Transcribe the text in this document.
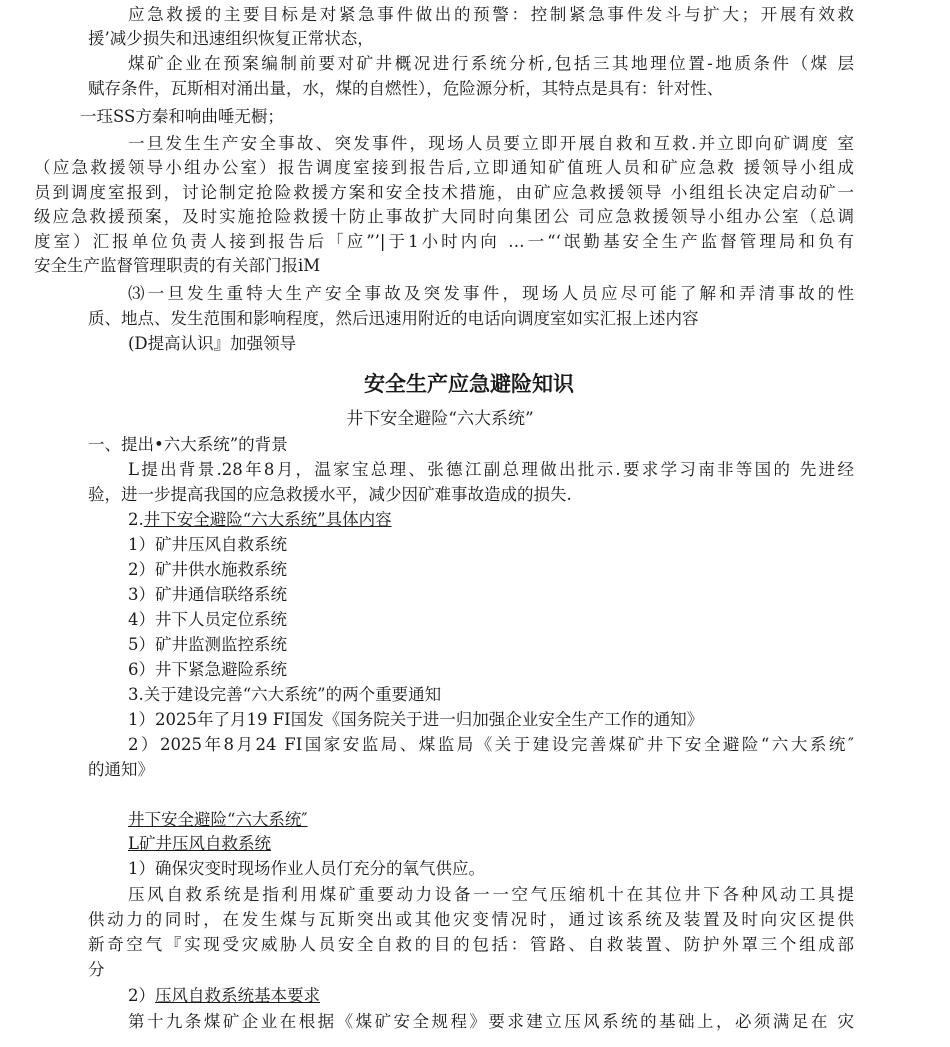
应急救援的主要目标是对紧急事件做出的预警：控制紧急事件发斗与扩大；开展有效救
援’减少损失和迅速组织恢复正常状态，
煤矿企业在预案编制前要对矿井概况进行系统分析,包括三其地理位置-地质条件（煤 层
赋存条件，瓦斯相对涌出量，水，煤的自燃性），危险源分析，其特点是具有：针对性、
一珏SS方秦和响曲唾无橱；
一旦发生生产安全事故、突发事件，现场人员要立即开展自救和互救.并立即向矿调度 室
（应急救援领导小组办公室）报告调度室接到报告后,立即通知矿值班人员和矿应急救 援领导小组成
员到调度室报到，讨论制定抢险救援方案和安全技术措施，由矿应急救援领导 小组组长决定启动矿一
级应急救援预案，及时实施抢险救援十防止事故扩大同时向集团公 司应急救援领导小组办公室（总调
度室）汇报单位负责人接到报告后「应”’|于1小时内向 …一“‘氓勤基安全生产监督管理局和负有
安全生产监督管理职责的有关部门报iM
⑶一旦发生重特大生产安全事故及突发事件，现场人员应尽可能了解和弄清事故的性
质、地点、发生范围和影响程度，然后迅速用附近的电话向调度室如实汇报上述内容
(D提高认识』加强领导
安全生产应急避险知识
井下安全避险“六大系统”
一、提出•六大系统”的背景
L提出背景.28年8月，温家宝总理、张德江副总理做出批示.要求学习南非等国的 先进经
验，进一步提高我国的应急救援水平，减少因矿难事故造成的损失.
2.井下安全避险“六大系统”具体内容
1）矿井压风自救系统
2）矿井供水施救系统
3）矿井通信联络系统
4）井下人员定位系统
5）矿井监测监控系统
6）井下紧急避险系统
3.关于建设完善“六大系统”的两个重要通知
1）2025年了月19 FI国发《国务院关于进一归加强企业安全生产工作的通知》
2）2025年8月24 FI国家安监局、煤监局《关于建设完善煤矿井下安全避险“六大系统″
的通知》
井下安全避险“六大系统″
L矿井压风自救系统
1）确保灾变时现场作业人员仃充分的氧气供应。
压风自救系统是指利用煤矿重要动力设备一一空气压缩机十在其位井下各种风动工具提
供动力的同时，在发生煤与瓦斯突出或其他灾变情况时，通过该系统及装置及时向灾区提供
新奇空气『实现受灾威胁人员安全自救的目的包括：管路、自救装置、防护外罩三个组成部
分
2）压风自救系统基本要求
第十九条煤矿企业在根据《煤矿安全规程》要求建立压风系统的基础上，必须满足在 灾
